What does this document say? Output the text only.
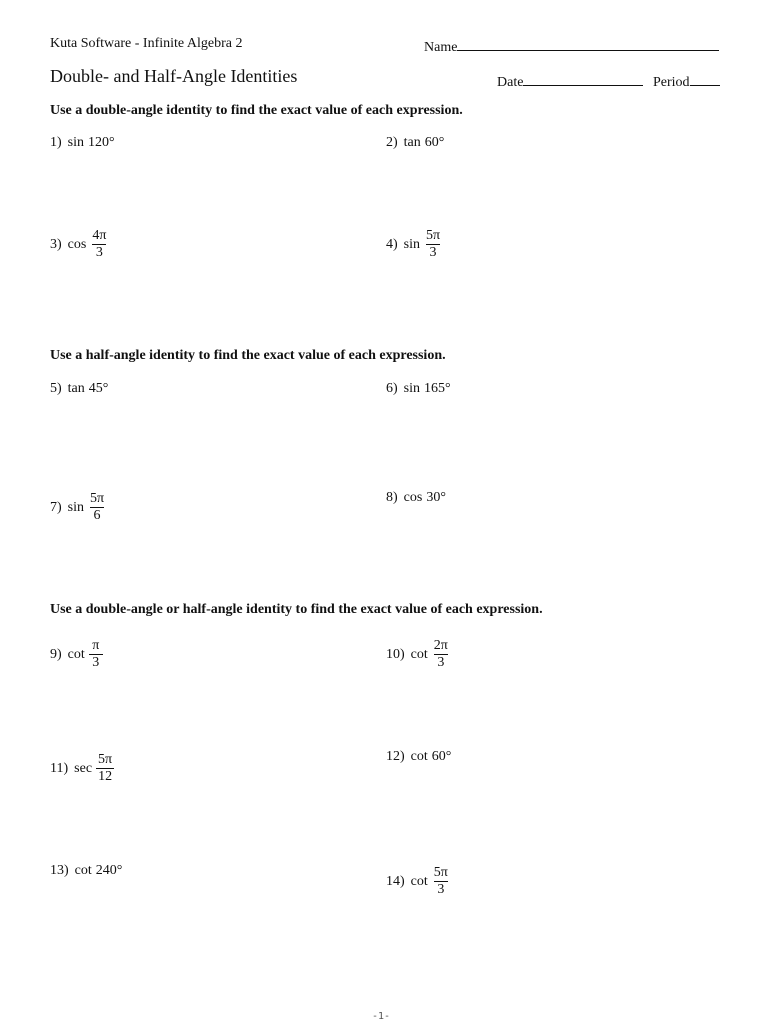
Kuta Software - Infinite Algebra 2	Name
Double- and Half-Angle Identities	Date	Period
Use a double-angle identity to find the exact value of each expression.
1) sin 120°	2) tan 60°
3) $\cos \frac{4\pi}{3}$	4) $\sin \frac{5\pi}{3}$
Use a half-angle identity to find the exact value of each expression.
5) tan 45°	6) sin 165°
7) $\sin \frac{5\pi}{6}$	8) cos 30°
Use a double-angle or half-angle identity to find the exact value of each expression.
9) $\cot \frac{\pi}{3}$	10) $\cot \frac{2\pi}{3}$
11) $\sec \frac{5\pi}{12}$	12) cot 60°
13) cot 240°
14) $\cot \frac{5\pi}{3}$
-1-
